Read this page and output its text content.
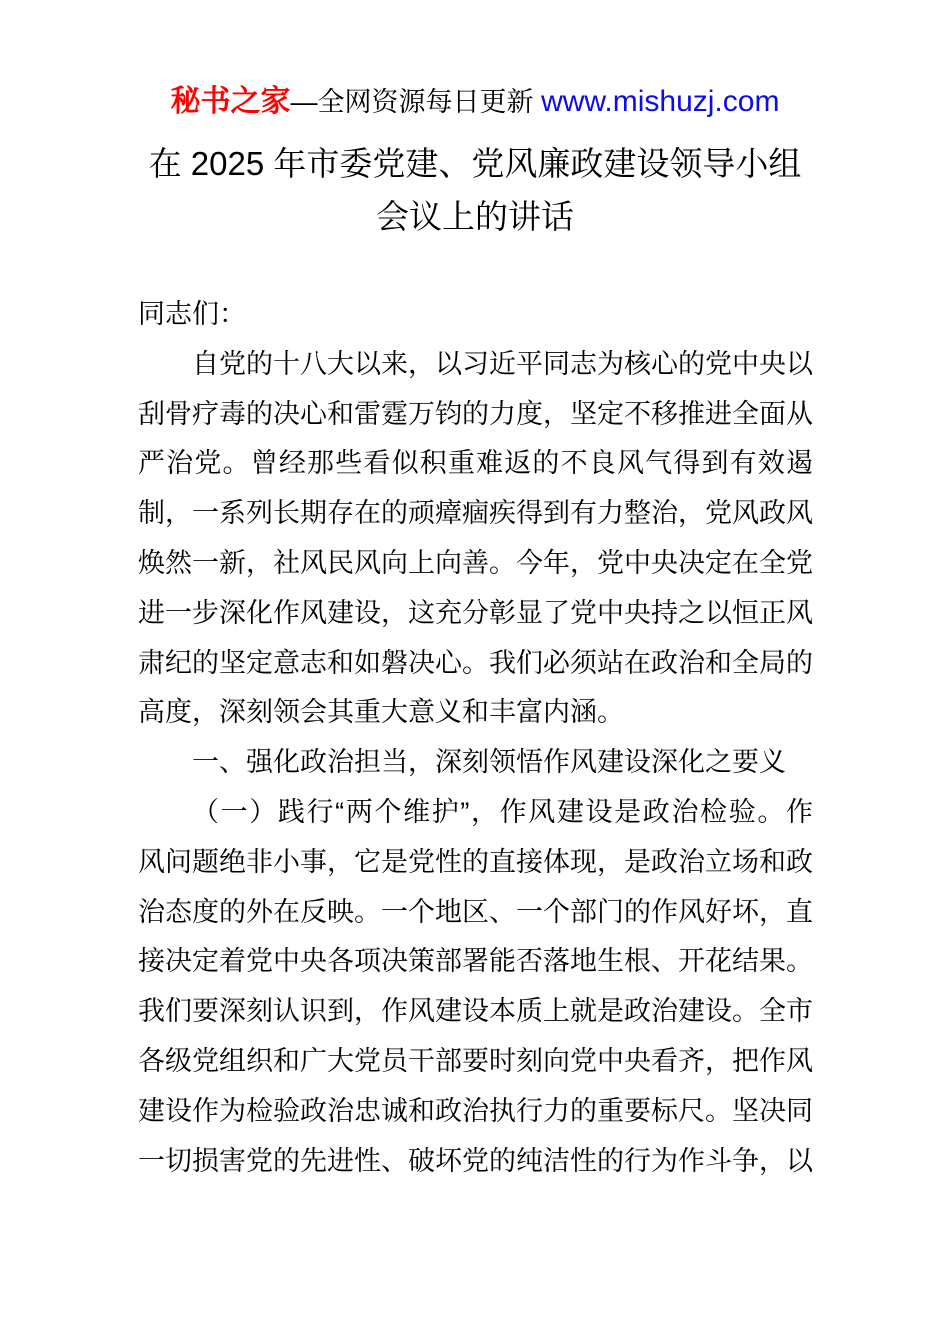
秘书之家—全网资源每日更新 www.mishuzj.com
在 2025 年市委党建、党风廉政建设领导小组
会议上的讲话
同志们：
自党的十八大以来，以习近平同志为核心的党中央以
刮骨疗毒的决心和雷霆万钧的力度，坚定不移推进全面从
严治党。曾经那些看似积重难返的不良风气得到有效遏
制，一系列长期存在的顽瘴痼疾得到有力整治，党风政风
焕然一新，社风民风向上向善。今年，党中央决定在全党
进一步深化作风建设，这充分彰显了党中央持之以恒正风
肃纪的坚定意志和如磐决心。我们必须站在政治和全局的
高度，深刻领会其重大意义和丰富内涵。
一、强化政治担当，深刻领悟作风建设深化之要义
（一）践行“两个维护”，作风建设是政治检验。作
风问题绝非小事，它是党性的直接体现，是政治立场和政
治态度的外在反映。一个地区、一个部门的作风好坏，直
接决定着党中央各项决策部署能否落地生根、开花结果。
我们要深刻认识到，作风建设本质上就是政治建设。全市
各级党组织和广大党员干部要时刻向党中央看齐，把作风
建设作为检验政治忠诚和政治执行力的重要标尺。坚决同
一切损害党的先进性、破坏党的纯洁性的行为作斗争，以
